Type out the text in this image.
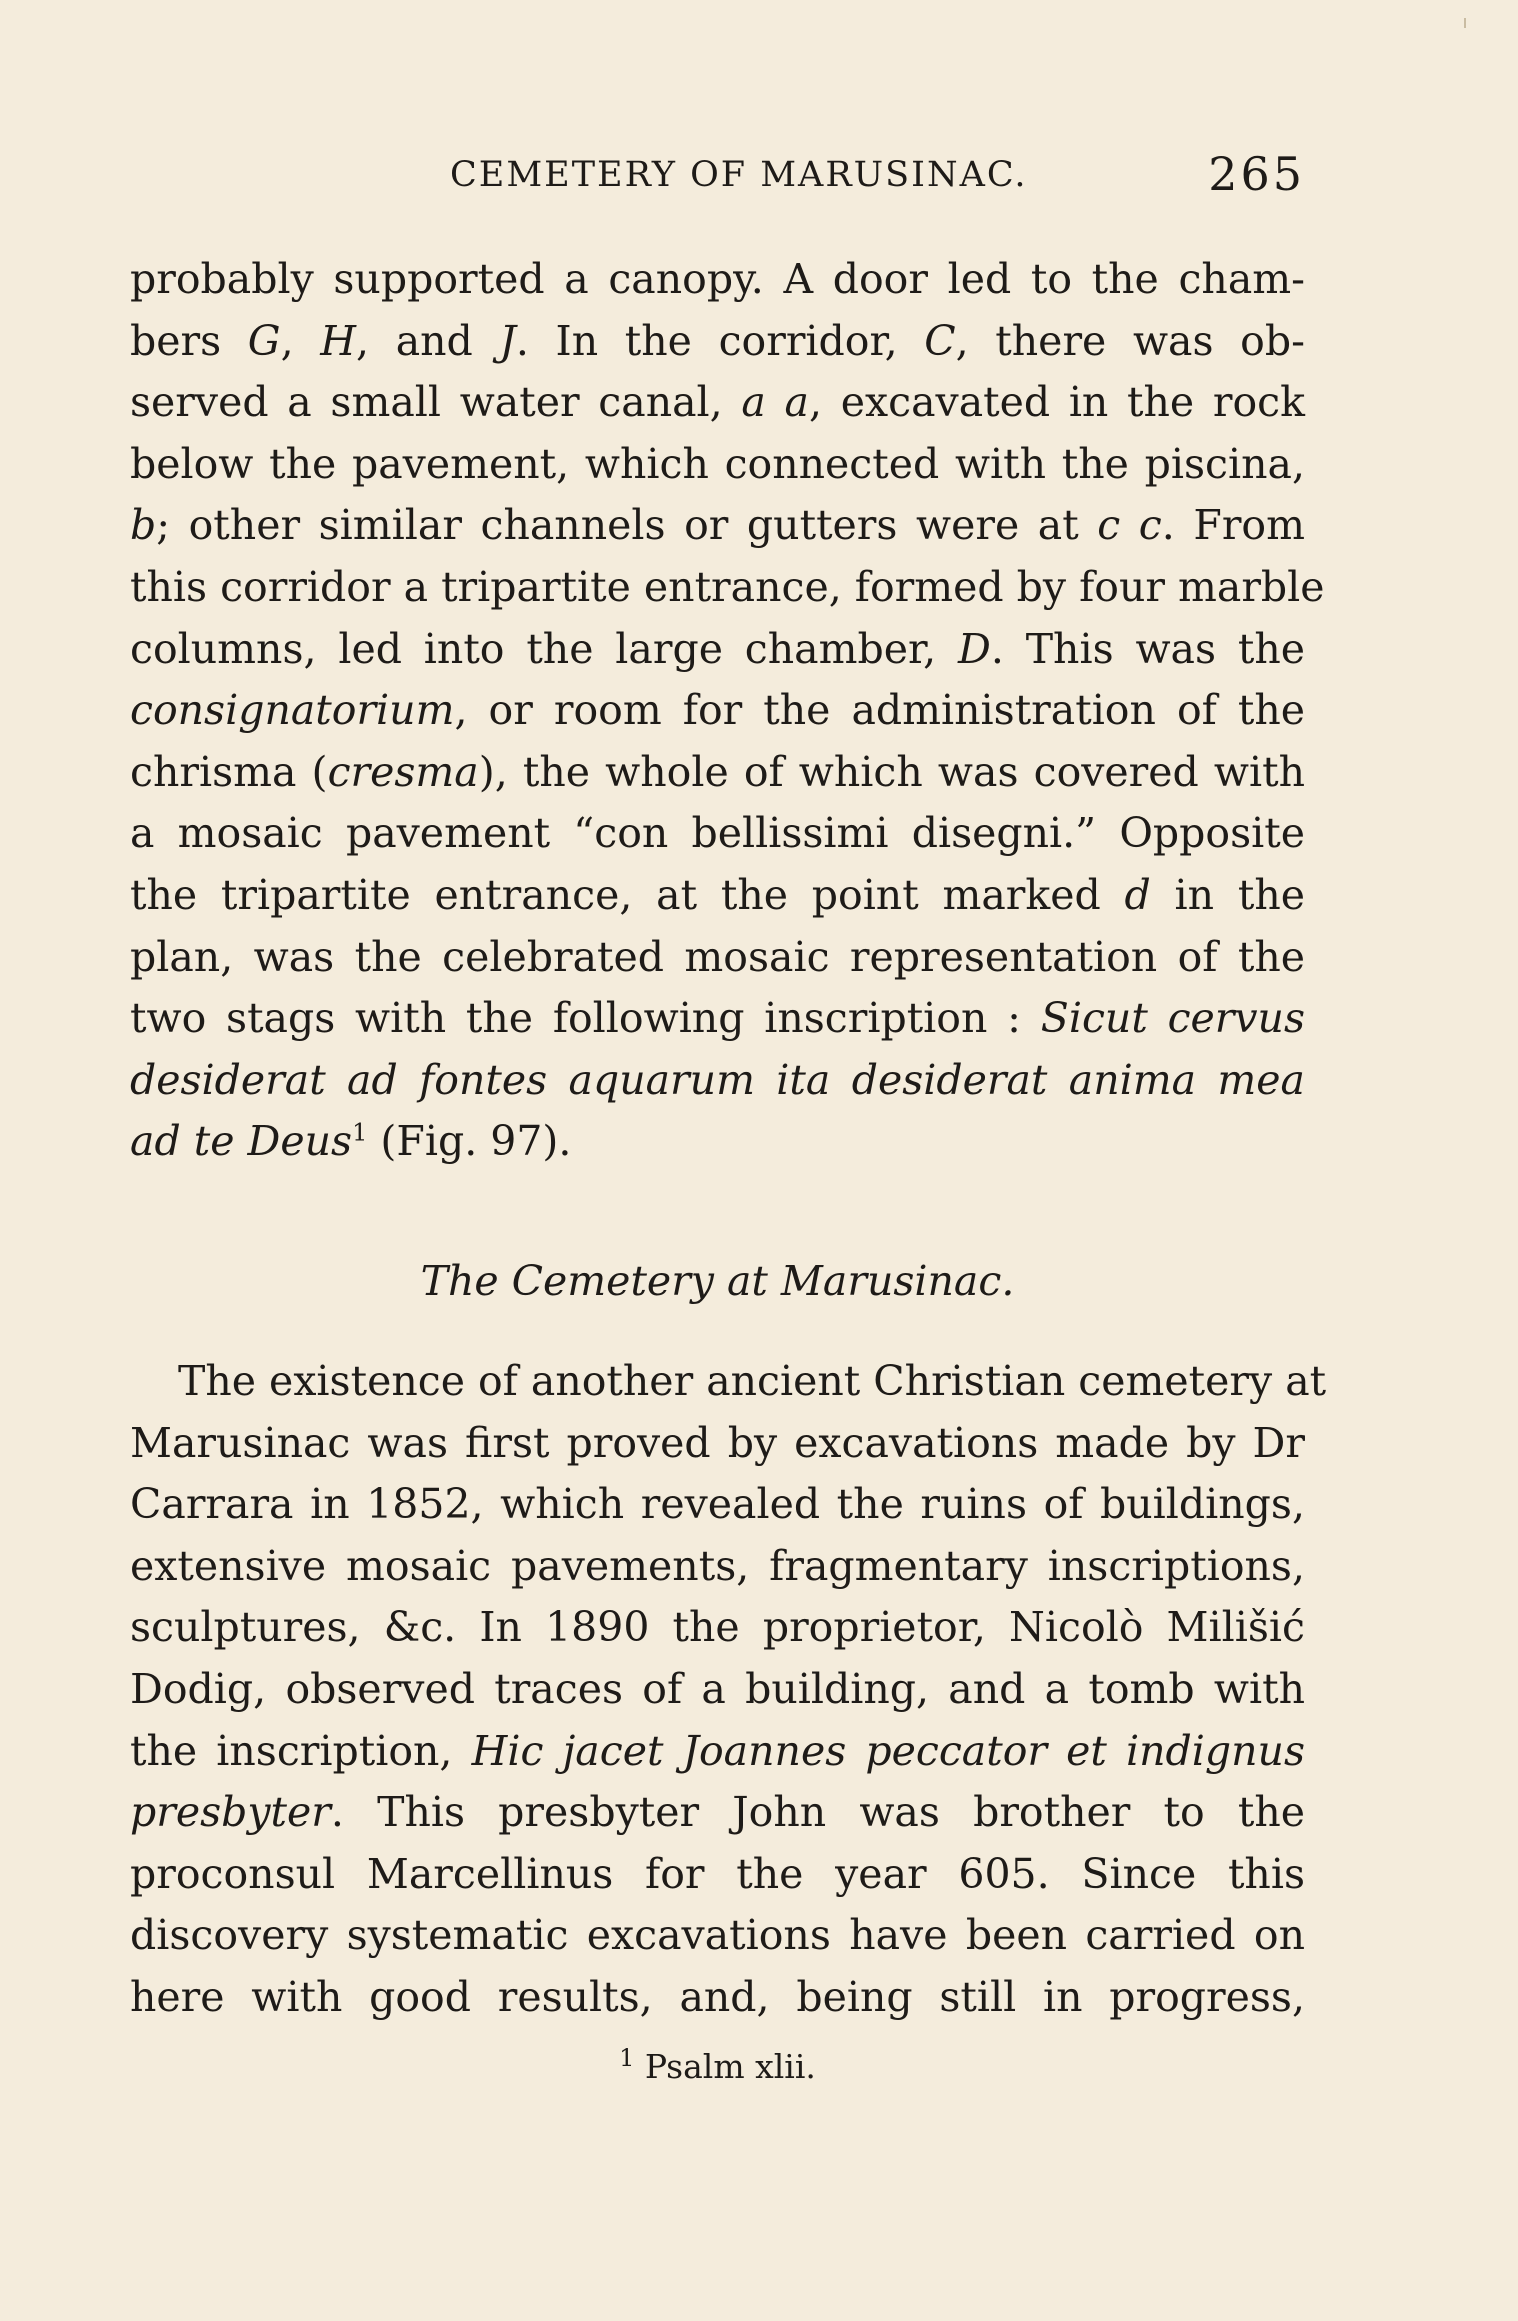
CEMETERY OF MARUSINAC.	265
probably supported a canopy. A door led to the cham-
bers G, H, and J. In the corridor, C, there was ob-
served a small water canal, a a, excavated in the rock
below the pavement, which connected with the piscina,
b; other similar channels or gutters were at c c. From
this corridor a tripartite entrance, formed by four marble
columns, led into the large chamber, D. This was the
consignatorium, or room for the administration of the
chrisma (cresma), the whole of which was covered with
a mosaic pavement “con bellissimi disegni.” Opposite
the tripartite entrance, at the point marked d in the
plan, was the celebrated mosaic representation of the
two stags with the following inscription : Sicut cervus
desiderat ad fontes aquarum ita desiderat anima mea
ad te Deus$^1$ (Fig. 97).
The Cemetery at Marusinac.
The existence of another ancient Christian cemetery at
Marusinac was first proved by excavations made by Dr
Carrara in 1852, which revealed the ruins of buildings,
extensive mosaic pavements, fragmentary inscriptions,
sculptures, &c. In 1890 the proprietor, Nicolò Milišić
Dodig, observed traces of a building, and a tomb with
the inscription, Hic jacet Joannes peccator et indignus
presbyter. This presbyter John was brother to the
proconsul Marcellinus for the year 605. Since this
discovery systematic excavations have been carried on
here with good results, and, being still in progress,
$^1$ Psalm xlii.
